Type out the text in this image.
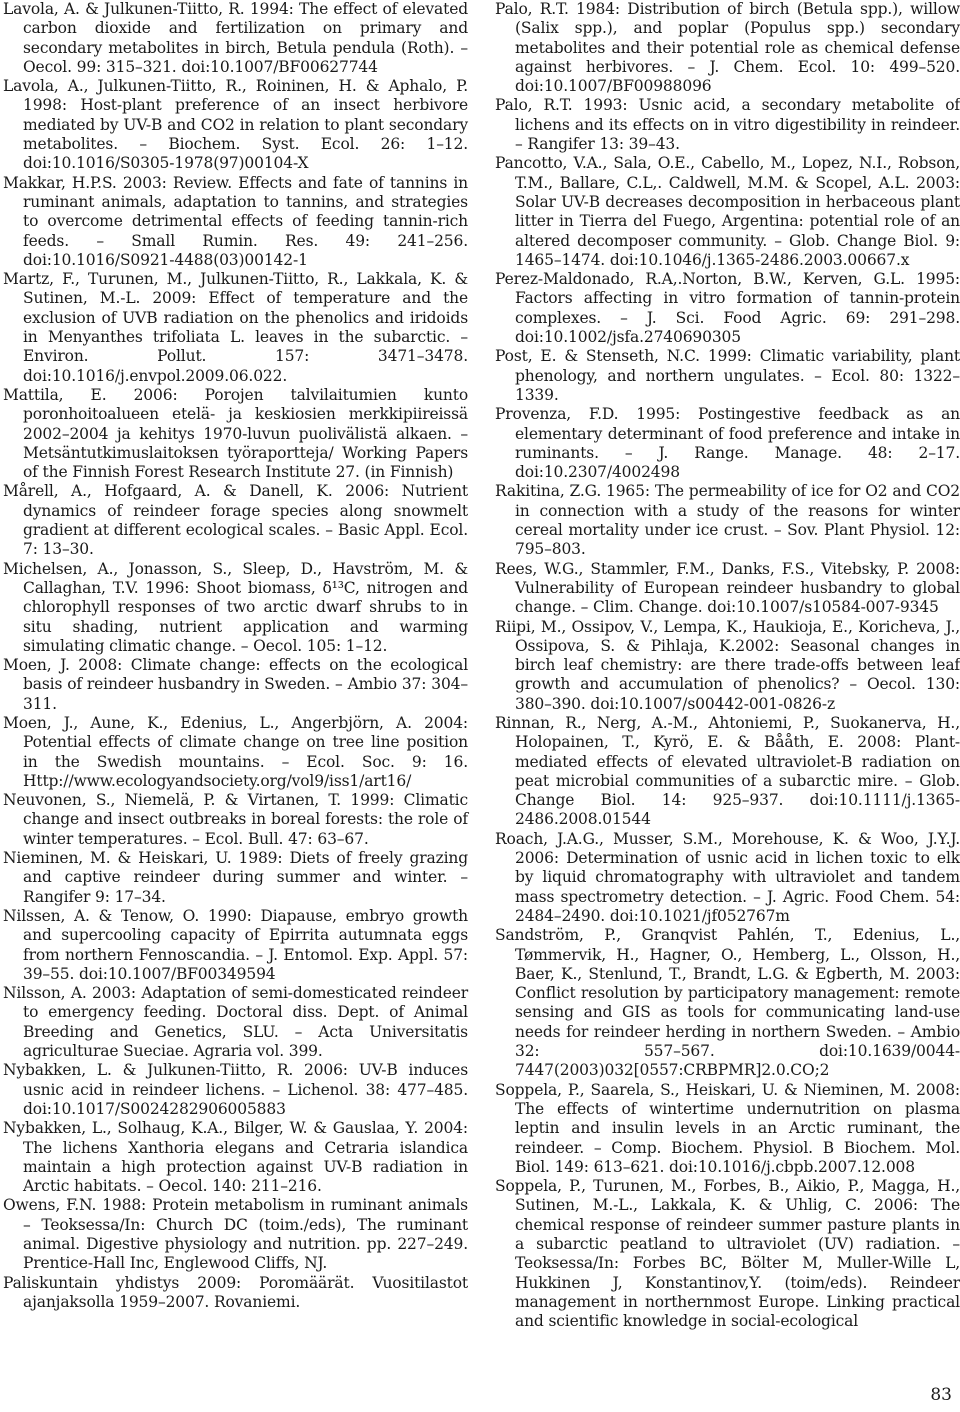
Lavola, A. & Julkunen-Tiitto, R. 1994: The effect of elevated carbon dioxide and fertilization on primary and secondary metabolites in birch, Betula pendula (Roth). – Oecol. 99: 315–321. doi:10.1007/BF00627744

Lavola, A., Julkunen-Tiitto, R., Roininen, H. & Aphalo, P. 1998: Host-plant preference of an insect herbivore mediated by UV-B and CO2 in relation to plant secondary metabolites. – Biochem. Syst. Ecol. 26: 1–12. doi:10.1016/S0305-1978(97)00104-X

Makkar, H.P.S. 2003: Review. Effects and fate of tannins in ruminant animals, adaptation to tannins, and strategies to overcome detrimental effects of feeding tannin-rich feeds. – Small Rumin. Res. 49: 241–256. doi:10.1016/S0921-4488(03)00142-1

Martz, F., Turunen, M., Julkunen-Tiitto, R., Lakkala, K. & Sutinen, M.-L. 2009: Effect of temperature and the exclusion of UVB radiation on the phenolics and iridoids in Menyanthes trifoliata L. leaves in the subarctic. – Environ. Pollut. 157: 3471–3478. doi:10.1016/j.envpol.2009.06.022.

Mattila, E. 2006: Porojen talvilaitumien kunto poronhoitoalueen etelä- ja keskiosien merkkipiireissä 2002–2004 ja kehitys 1970-luvun puolivälistä alkaen. – Metsäntutkimuslaitoksen työraportteja/ Working Papers of the Finnish Forest Research Institute 27. (in Finnish)

Mårell, A., Hofgaard, A. & Danell, K. 2006: Nutrient dynamics of reindeer forage species along snowmelt gradient at different ecological scales. – Basic Appl. Ecol. 7: 13–30.

Michelsen, A., Jonasson, S., Sleep, D., Havström, M. & Callaghan, T.V. 1996: Shoot biomass, δ¹³C, nitrogen and chlorophyll responses of two arctic dwarf shrubs to in situ shading, nutrient application and warming simulating climatic change. – Oecol. 105: 1–12.

Moen, J. 2008: Climate change: effects on the ecological basis of reindeer husbandry in Sweden. – Ambio 37: 304–311.

Moen, J., Aune, K., Edenius, L., Angerbjörn, A. 2004: Potential effects of climate change on tree line position in the Swedish mountains. – Ecol. Soc. 9: 16. Http://www.ecologyandsociety.org/vol9/iss1/art16/

Neuvonen, S., Niemelä, P. & Virtanen, T. 1999: Climatic change and insect outbreaks in boreal forests: the role of winter temperatures. – Ecol. Bull. 47: 63–67.

Nieminen, M. & Heiskari, U. 1989: Diets of freely grazing and captive reindeer during summer and winter. – Rangifer 9: 17–34.

Nilssen, A. & Tenow, O. 1990: Diapause, embryo growth and supercooling capacity of Epirrita autumnata eggs from northern Fennoscandia. – J. Entomol. Exp. Appl. 57: 39–55. doi:10.1007/BF00349594

Nilsson, A. 2003: Adaptation of semi-domesticated reindeer to emergency feeding. Doctoral diss. Dept. of Animal Breeding and Genetics, SLU. – Acta Universitatis agriculturae Sueciae. Agraria vol. 399.

Nybakken, L. & Julkunen-Tiitto, R. 2006: UV-B induces usnic acid in reindeer lichens. – Lichenol. 38: 477–485. doi:10.1017/S0024282906005883

Nybakken, L., Solhaug, K.A., Bilger, W. & Gauslaa, Y. 2004: The lichens Xanthoria elegans and Cetraria islandica maintain a high protection against UV-B radiation in Arctic habitats. – Oecol. 140: 211–216.

Owens, F.N. 1988: Protein metabolism in ruminant animals – Teoksessa/In: Church DC (toim./eds), The ruminant animal. Digestive physiology and nutrition. pp. 227–249. Prentice-Hall Inc, Englewood Cliffs, NJ.

Paliskuntain yhdistys 2009: Poromäärät. Vuositilastot ajanjaksolla 1959–2007. Rovaniemi.

Palo, R.T. 1984: Distribution of birch (Betula spp.), willow (Salix spp.), and poplar (Populus spp.) secondary metabolites and their potential role as chemical defense against herbivores. – J. Chem. Ecol. 10: 499–520. doi:10.1007/BF00988096

Palo, R.T. 1993: Usnic acid, a secondary metabolite of lichens and its effects on in vitro digestibility in reindeer. – Rangifer 13: 39–43.

Pancotto, V.A., Sala, O.E., Cabello, M., Lopez, N.I., Robson, T.M., Ballare, C.L,. Caldwell, M.M. & Scopel, A.L. 2003: Solar UV-B decreases decomposition in herbaceous plant litter in Tierra del Fuego, Argentina: potential role of an altered decomposer community. – Glob. Change Biol. 9: 1465–1474. doi:10.1046/j.1365-2486.2003.00667.x

Perez-Maldonado, R.A,.Norton, B.W., Kerven, G.L. 1995: Factors affecting in vitro formation of tannin-protein complexes. – J. Sci. Food Agric. 69: 291–298. doi:10.1002/jsfa.2740690305

Post, E. & Stenseth, N.C. 1999: Climatic variability, plant phenology, and northern ungulates. – Ecol. 80: 1322–1339.

Provenza, F.D. 1995: Postingestive feedback as an elementary determinant of food preference and intake in ruminants. – J. Range. Manage. 48: 2–17. doi:10.2307/4002498

Rakitina, Z.G. 1965: The permeability of ice for O2 and CO2 in connection with a study of the reasons for winter cereal mortality under ice crust. – Sov. Plant Physiol. 12: 795–803.

Rees, W.G., Stammler, F.M., Danks, F.S., Vitebsky, P. 2008: Vulnerability of European reindeer husbandry to global change. – Clim. Change. doi:10.1007/s10584-007-9345

Riipi, M., Ossipov, V., Lempa, K., Haukioja, E., Koricheva, J., Ossipova, S. & Pihlaja, K.2002: Seasonal changes in birch leaf chemistry: are there trade-offs between leaf growth and accumulation of phenolics? – Oecol. 130: 380–390. doi:10.1007/s00442-001-0826-z

Rinnan, R., Nerg, A.-M., Ahtoniemi, P., Suokanerva, H., Holopainen, T., Kyrö, E. & Bååth, E. 2008: Plant-mediated effects of elevated ultraviolet-B radiation on peat microbial communities of a subarctic mire. – Glob. Change Biol. 14: 925–937. doi:10.1111/j.1365-2486.2008.01544

Roach, J.A.G., Musser, S.M., Morehouse, K. & Woo, J.Y.J. 2006: Determination of usnic acid in lichen toxic to elk by liquid chromatography with ultraviolet and tandem mass spectrometry detection. – J. Agric. Food Chem. 54: 2484–2490. doi:10.1021/jf052767m

Sandström, P., Granqvist Pahlén, T., Edenius, L., Tømmervik, H., Hagner, O., Hemberg, L., Olsson, H., Baer, K., Stenlund, T., Brandt, L.G. & Egberth, M. 2003: Conflict resolution by participatory management: remote sensing and GIS as tools for communicating land-use needs for reindeer herding in northern Sweden. – Ambio 32: 557–567. doi:10.1639/0044-7447(2003)032[0557:CRBPMR]2.0.CO;2

Soppela, P., Saarela, S., Heiskari, U. & Nieminen, M. 2008: The effects of wintertime undernutrition on plasma leptin and insulin levels in an Arctic ruminant, the reindeer. – Comp. Biochem. Physiol. B Biochem. Mol. Biol. 149: 613–621. doi:10.1016/j.cbpb.2007.12.008

Soppela, P., Turunen, M., Forbes, B., Aikio, P., Magga, H., Sutinen, M.-L., Lakkala, K. & Uhlig, C. 2006: The chemical response of reindeer summer pasture plants in a subarctic peatland to ultraviolet (UV) radiation. – Teoksessa/In: Forbes BC, Bölter M, Muller-Wille L, Hukkinen J, Konstantinov,Y. (toim/eds). Reindeer management in northernmost Europe. Linking practical and scientific knowledge in social-ecological

83
